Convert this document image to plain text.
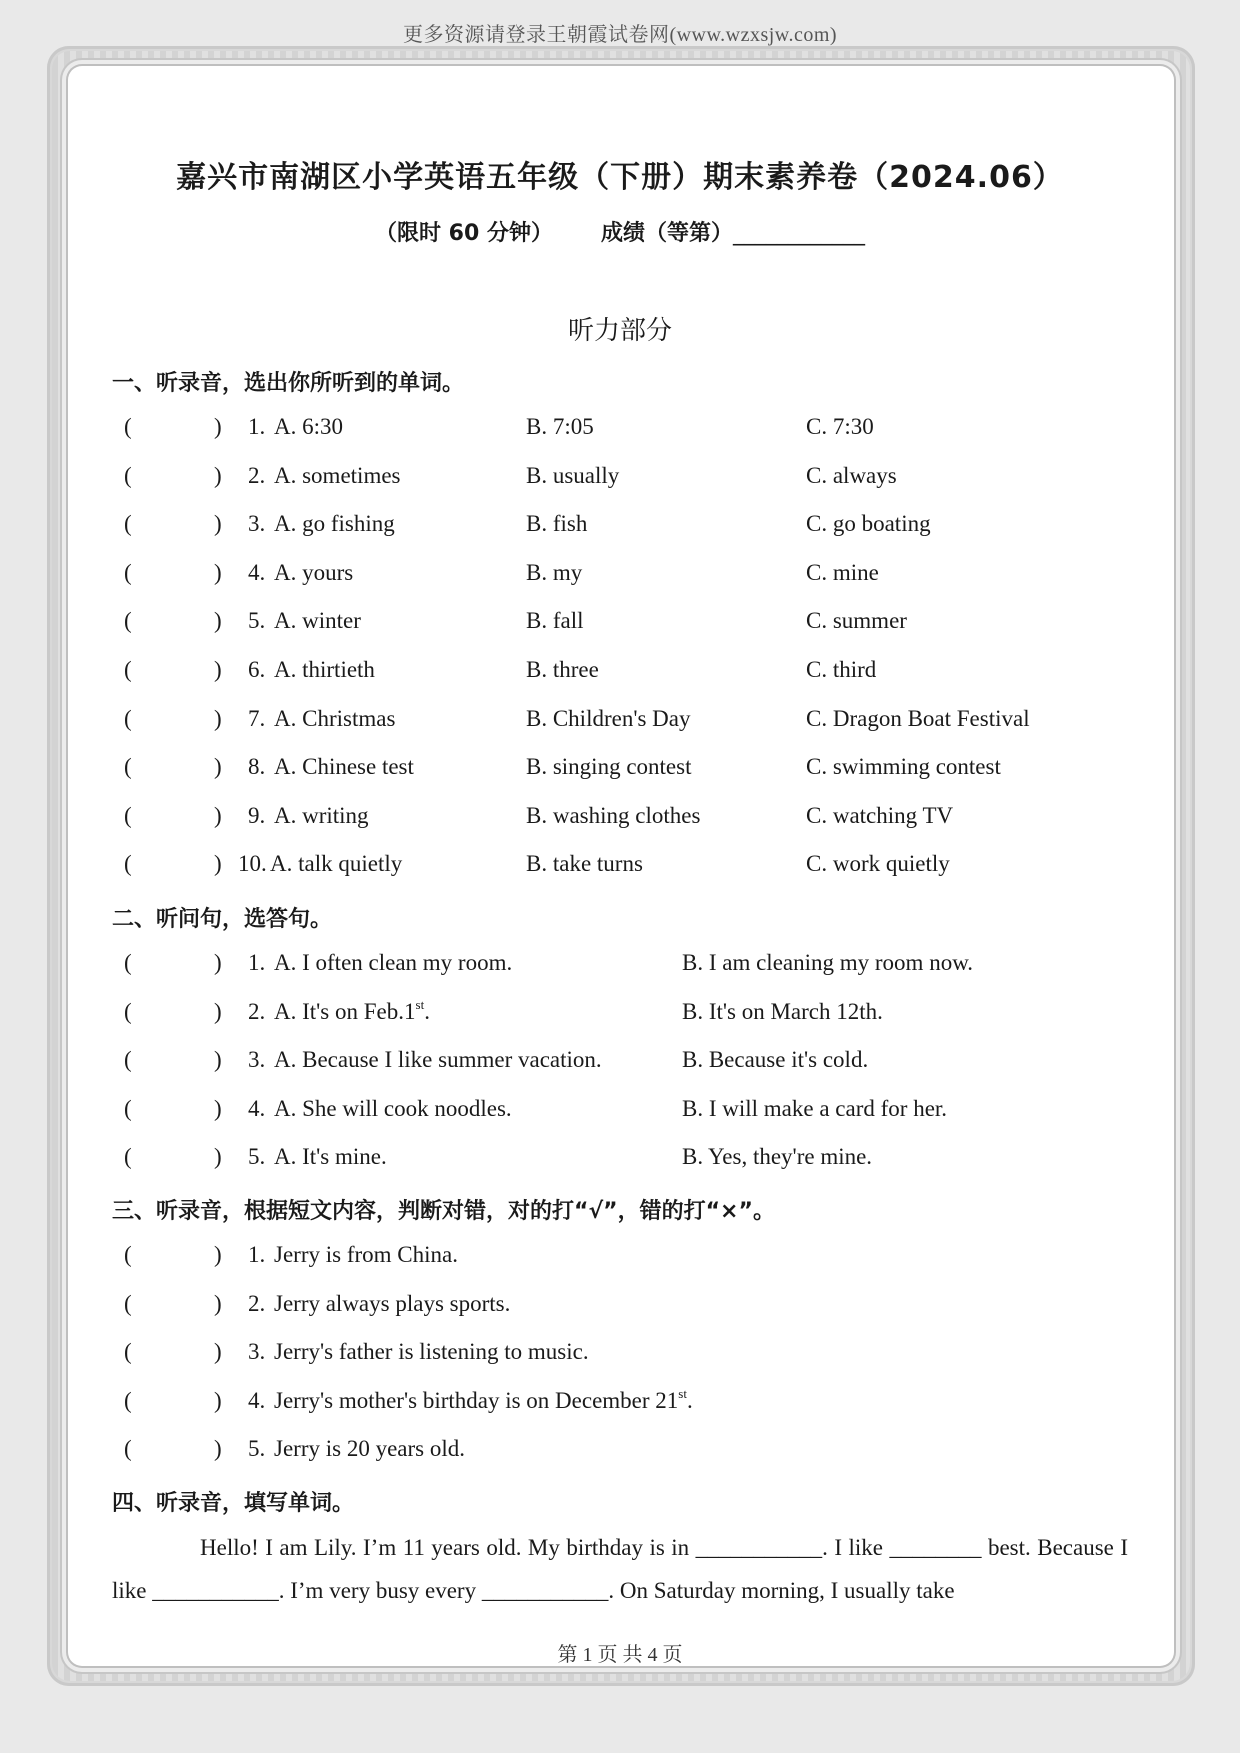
更多资源请登录王朝霞试卷网(www.wzxsjw.com)
嘉兴市南湖区小学英语五年级（下册）期末素养卷（2024.06）
（限时 60 分钟） 成绩（等第）____________
听力部分
一、听录音，选出你所听到的单词。
(	) 1. A. 6:30	B. 7:05	C. 7:30
(	) 2. A. sometimes	B. usually	C. always
(	) 3. A. go fishing	B. fish	C. go boating
(	) 4. A. yours	B. my	C. mine
(	) 5. A. winter	B. fall	C. summer
(	) 6. A. thirtieth	B. three	C. third
(	) 7. A. Christmas	B. Children's Day	C. Dragon Boat Festival
(	) 8. A. Chinese test	B. singing contest	C. swimming contest
(	) 9. A. writing	B. washing clothes	C. watching TV
(	) 10. A. talk quietly	B. take turns	C. work quietly
二、听问句，选答句。
(	) 1. A. I often clean my room.	B. I am cleaning my room now.
(	) 2. A. It's on Feb.1st.	B. It's on March 12th.
(	) 3. A. Because I like summer vacation.	B. Because it's cold.
(	) 4. A. She will cook noodles.	B. I will make a card for her.
(	) 5. A. It's mine.	B. Yes, they're mine.
三、听录音，根据短文内容，判断对错，对的打“√”，错的打“×”。
(	) 1. Jerry is from China.
(	) 2. Jerry always plays sports.
(	) 3. Jerry's father is listening to music.
(	) 4. Jerry's mother's birthday is on December 21st.
(	) 5. Jerry is 20 years old.
四、听录音，填写单词。
Hello! I am Lily. I’m 11 years old. My birthday is in ___________. I like ________ best. Because I like ___________. I’m very busy every ___________. On Saturday morning, I usually take
第 1 页 共 4 页
